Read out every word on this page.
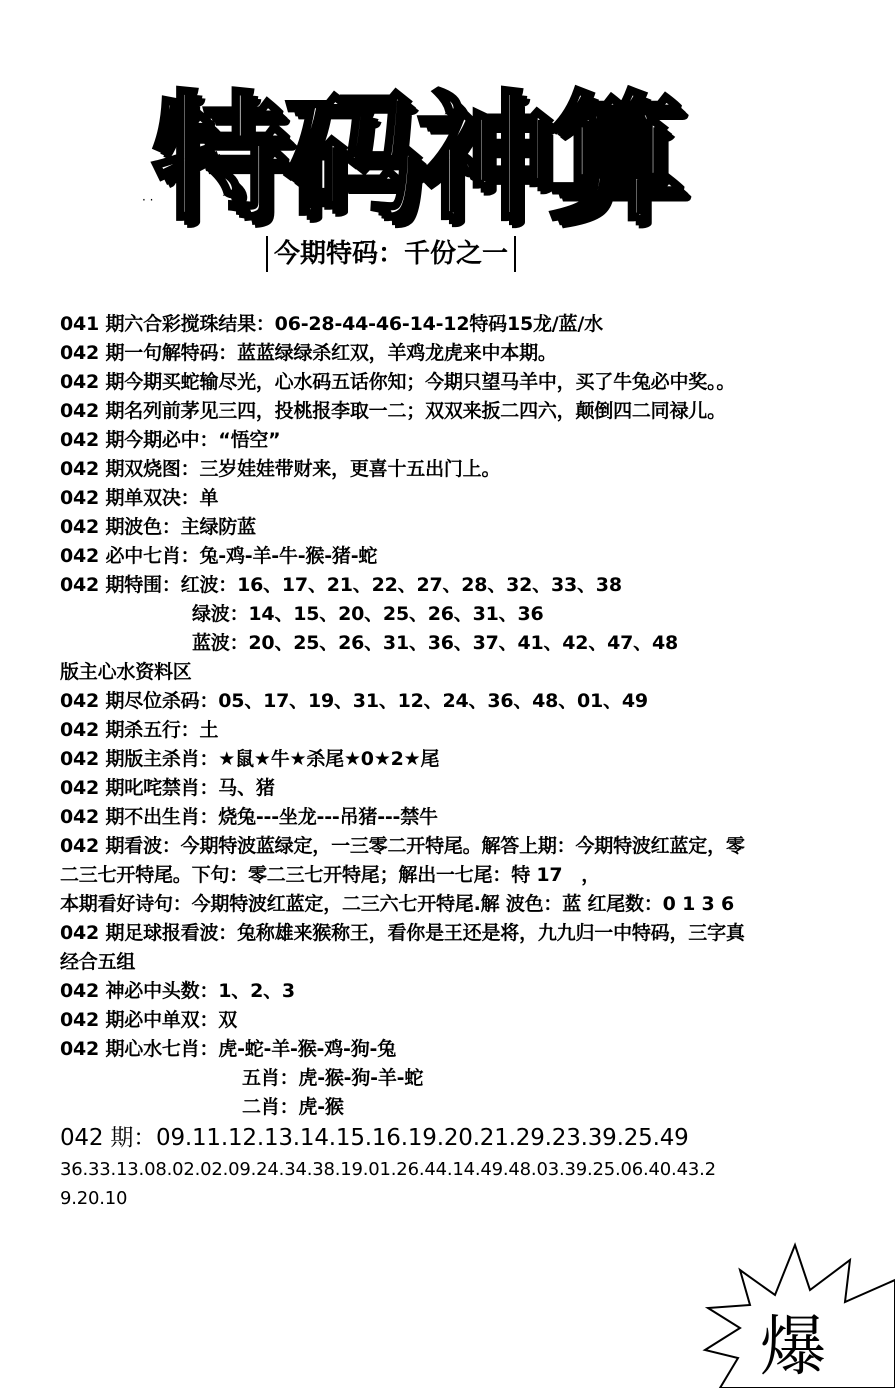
特码神算
· ·
今期特码：千份之一
041 期六合彩搅珠结果：06-28-44-46-14-12特码15龙/蓝/水
042 期一句解特码：蓝蓝绿绿杀红双，羊鸡龙虎来中本期。
042 期今期买蛇输尽光，心水码五话你知；今期只望马羊中，买了牛兔必中奖。。
042 期名列前茅见三四，投桃报李取一二；双双来扳二四六，颠倒四二同禄儿。
042 期今期必中：“悟空”
042 期双烧图：三岁娃娃带财来，更喜十五出门上。
042 期单双决：单
042 期波色：主绿防蓝
042 必中七肖：兔-鸡-羊-牛-猴-猪-蛇
042 期特围：红波：16、17、21、22、27、28、32、33、38
绿波：14、15、20、25、26、31、36
蓝波：20、25、26、31、36、37、41、42、47、48
版主心水资料区
042 期尽位杀码：05、17、19、31、12、24、36、48、01、49
042 期杀五行：土
042 期版主杀肖：★鼠★牛★杀尾★0★2★尾
042 期叱咤禁肖：马、猪
042 期不出生肖：烧兔---坐龙---吊猪---禁牛
042 期看波：今期特波蓝绿定，一三零二开特尾。解答上期：今期特波红蓝定，零
二三七开特尾。下句：零二三七开特尾；解出一七尾：特 17　，
本期看好诗句：今期特波红蓝定，二三六七开特尾.解 波色：蓝 红尾数：0 1 3 6
042 期足球报看波：兔称雄来猴称王，看你是王还是将，九九归一中特码，三字真
经合五组
042 神必中头数：1、2、3
042 期必中单双：双
042 期心水七肖：虎-蛇-羊-猴-鸡-狗-兔
五肖：虎-猴-狗-羊-蛇
二肖：虎-猴
042 期：09.11.12.13.14.15.16.19.20.21.29.23.39.25.49
36.33.13.08.02.02.09.24.34.38.19.01.26.44.14.49.48.03.39.25.06.40.43.2
9.20.10
爆
